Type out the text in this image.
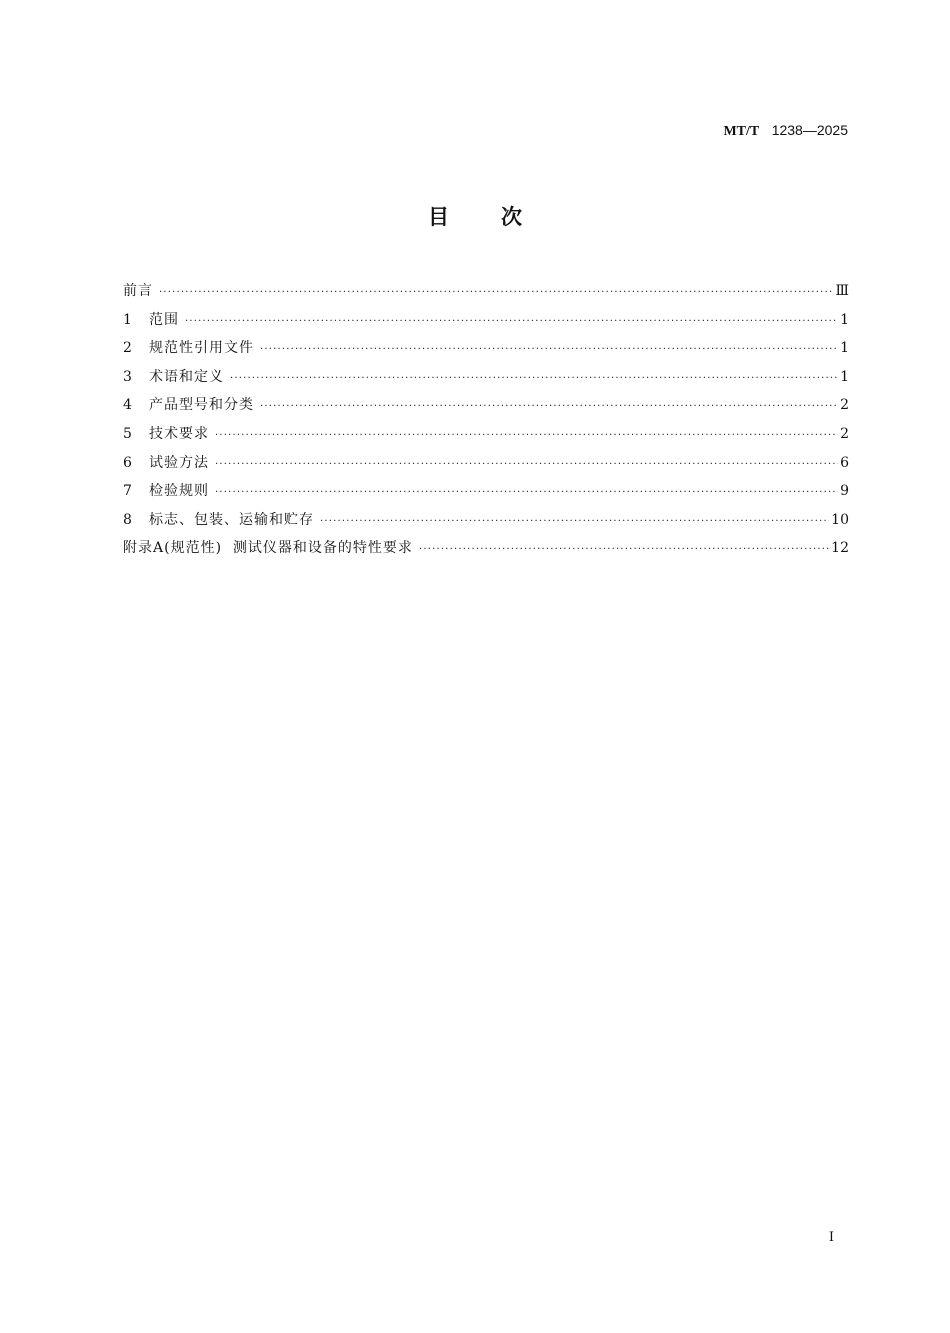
MT/T 1238—2025
目次
前言 ·····	Ⅲ
1	范围 ·····	1
2	规范性引用文件 ·····	1
3	术语和定义 ·····	1
4	产品型号和分类 ·····	2
5	技术要求 ·····	2
6	试验方法 ·····	6
7	检验规则 ·····	9
8	标志、包装、运输和贮存 ·····	10
附录A(规范性)  测试仪器和设备的特性要求 ·····	12
I
